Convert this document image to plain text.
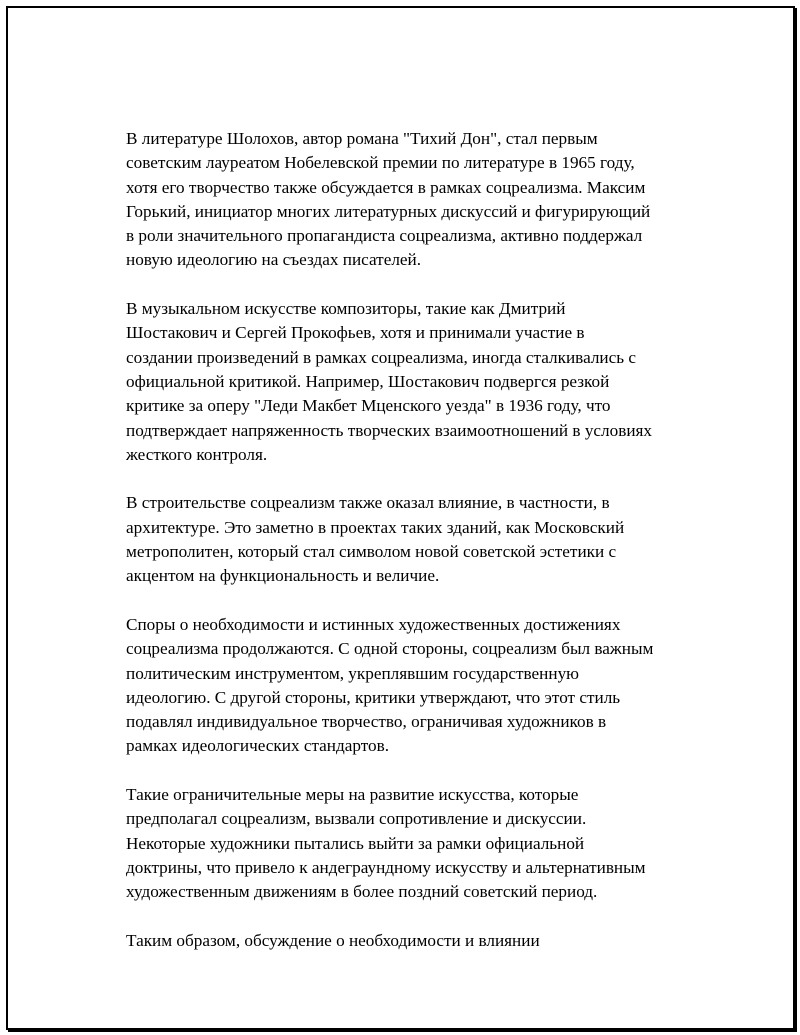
В литературе Шолохов, автор романа "Тихий Дон", стал первым
советским лауреатом Нобелевской премии по литературе в 1965 году,
хотя его творчество также обсуждается в рамках соцреализма. Максим
Горький, инициатор многих литературных дискуссий и фигурирующий
в роли значительного пропагандиста соцреализма, активно поддержал
новую идеологию на съездах писателей.

В музыкальном искусстве композиторы, такие как Дмитрий
Шостакович и Сергей Прокофьев, хотя и принимали участие в
создании произведений в рамках соцреализма, иногда сталкивались с
официальной критикой. Например, Шостакович подвергся резкой
критике за оперу "Леди Макбет Мценского уезда" в 1936 году, что
подтверждает напряженность творческих взаимоотношений в условиях
жесткого контроля.

В строительстве соцреализм также оказал влияние, в частности, в
архитектуре. Это заметно в проектах таких зданий, как Московский
метрополитен, который стал символом новой советской эстетики с
акцентом на функциональность и величие.

Споры о необходимости и истинных художественных достижениях
соцреализма продолжаются. С одной стороны, соцреализм был важным
политическим инструментом, укреплявшим государственную
идеологию. С другой стороны, критики утверждают, что этот стиль
подавлял индивидуальное творчество, ограничивая художников в
рамках идеологических стандартов.

Такие ограничительные меры на развитие искусства, которые
предполагал соцреализм, вызвали сопротивление и дискуссии.
Некоторые художники пытались выйти за рамки официальной
доктрины, что привело к андеграундному искусству и альтернативным
художественным движениям в более поздний советский период.

Таким образом, обсуждение о необходимости и влиянии
